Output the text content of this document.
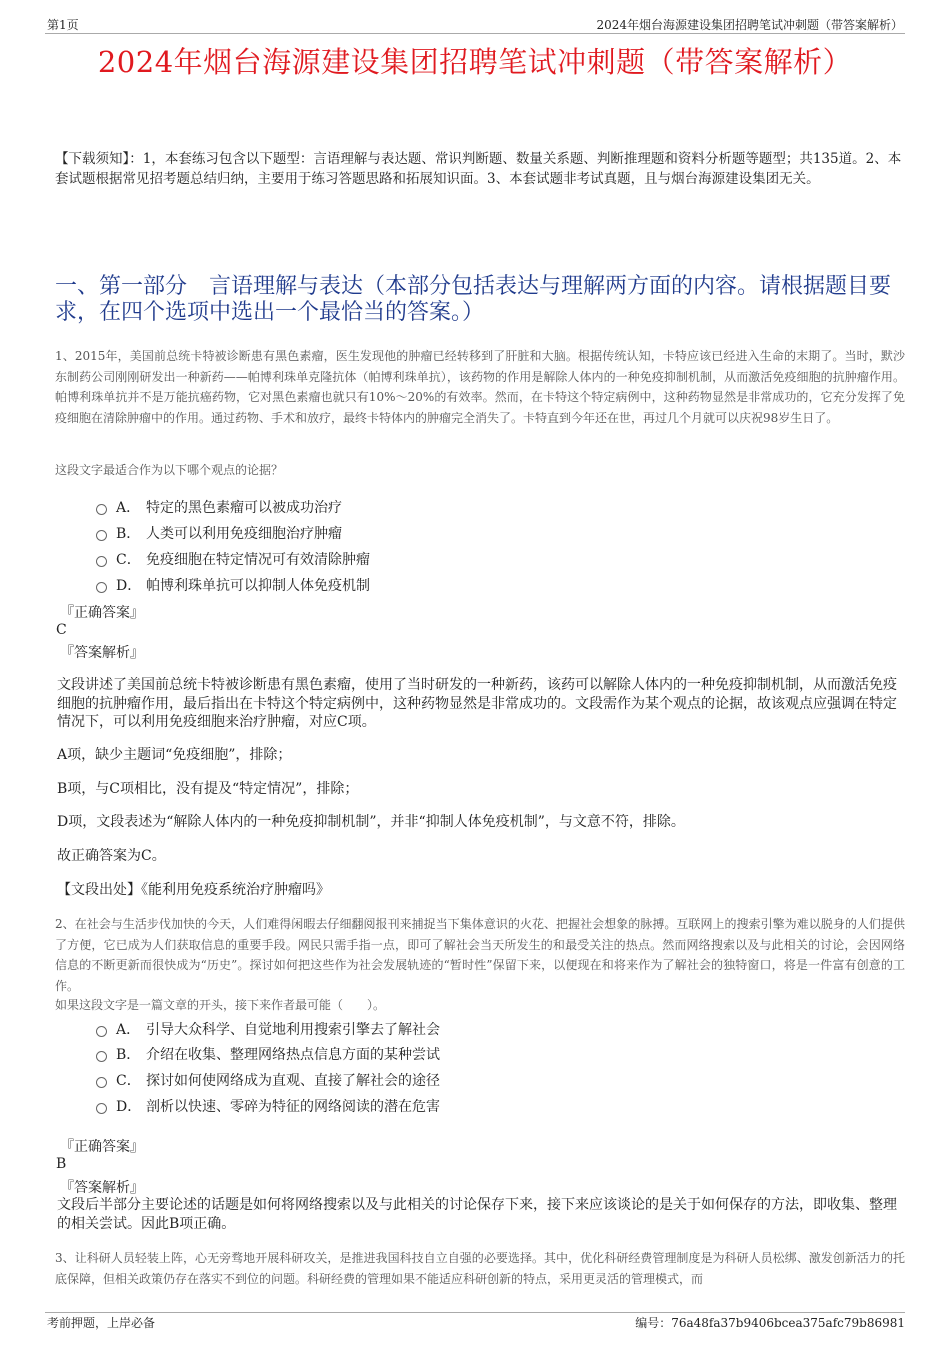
第1页	2024年烟台海源建设集团招聘笔试冲刺题（带答案解析）
2024年烟台海源建设集团招聘笔试冲刺题（带答案解析）
【下载须知】：1，本套练习包含以下题型：言语理解与表达题、常识判断题、数量关系题、判断推理题和资料分析题等题型；共135道。2、本套试题根据常见招考题总结归纳，主要用于练习答题思路和拓展知识面。3、本套试题非考试真题，且与烟台海源建设集团无关。
一、第一部分　言语理解与表达（本部分包括表达与理解两方面的内容。请根据题目要求，在四个选项中选出一个最恰当的答案。）
1、2015年，美国前总统卡特被诊断患有黑色素瘤，医生发现他的肿瘤已经转移到了肝脏和大脑。根据传统认知，卡特应该已经进入生命的末期了。当时，默沙东制药公司刚刚研发出一种新药——帕博利珠单克隆抗体（帕博利珠单抗），该药物的作用是解除人体内的一种免疫抑制机制，从而激活免疫细胞的抗肿瘤作用。帕博利珠单抗并不是万能抗癌药物，它对黑色素瘤也就只有10%～20%的有效率。然而，在卡特这个特定病例中，这种药物显然是非常成功的，它充分发挥了免疫细胞在清除肿瘤中的作用。通过药物、手术和放疗，最终卡特体内的肿瘤完全消失了。卡特直到今年还在世，再过几个月就可以庆祝98岁生日了。
这段文字最适合作为以下哪个观点的论据？
A． 特定的黑色素瘤可以被成功治疗
B． 人类可以利用免疫细胞治疗肿瘤
C． 免疫细胞在特定情况可有效清除肿瘤
D． 帕博利珠单抗可以抑制人体免疫机制
『正确答案』
C
『答案解析』
文段讲述了美国前总统卡特被诊断患有黑色素瘤，使用了当时研发的一种新药，该药可以解除人体内的一种免疫抑制机制，从而激活免疫细胞的抗肿瘤作用，最后指出在卡特这个特定病例中，这种药物显然是非常成功的。文段需作为某个观点的论据，故该观点应强调在特定情况下，可以利用免疫细胞来治疗肿瘤，对应C项。
A项，缺少主题词“免疫细胞”，排除；
B项，与C项相比，没有提及“特定情况”，排除；
D项，文段表述为“解除人体内的一种免疫抑制机制”，并非“抑制人体免疫机制”，与文意不符，排除。
故正确答案为C。
【文段出处】《能利用免疫系统治疗肿瘤吗》
2、在社会与生活步伐加快的今天，人们难得闲暇去仔细翻阅报刊来捕捉当下集体意识的火花、把握社会想象的脉搏。互联网上的搜索引擎为难以脱身的人们提供了方便，它已成为人们获取信息的重要手段。网民只需手指一点，即可了解社会当天所发生的和最受关注的热点。然而网络搜索以及与此相关的讨论，会因网络信息的不断更新而很快成为“历史”。探讨如何把这些作为社会发展轨迹的“暂时性”保留下来，以便现在和将来作为了解社会的独特窗口，将是一件富有创意的工作。
如果这段文字是一篇文章的开头，接下来作者最可能（　　）。
A． 引导大众科学、自觉地利用搜索引擎去了解社会
B． 介绍在收集、整理网络热点信息方面的某种尝试
C． 探讨如何使网络成为直观、直接了解社会的途径
D． 剖析以快速、零碎为特征的网络阅读的潜在危害
『正确答案』
B
『答案解析』
文段后半部分主要论述的话题是如何将网络搜索以及与此相关的讨论保存下来，接下来应该谈论的是关于如何保存的方法，即收集、整理的相关尝试。因此B项正确。
3、让科研人员轻装上阵，心无旁骛地开展科研攻关，是推进我国科技自立自强的必要选择。其中，优化科研经费管理制度是为科研人员松绑、激发创新活力的托底保障，但相关政策仍存在落实不到位的问题。科研经费的管理如果不能适应科研创新的特点，采用更灵活的管理模式，而
考前押题，上岸必备	编号：76a48fa37b9406bcea375afc79b86981
